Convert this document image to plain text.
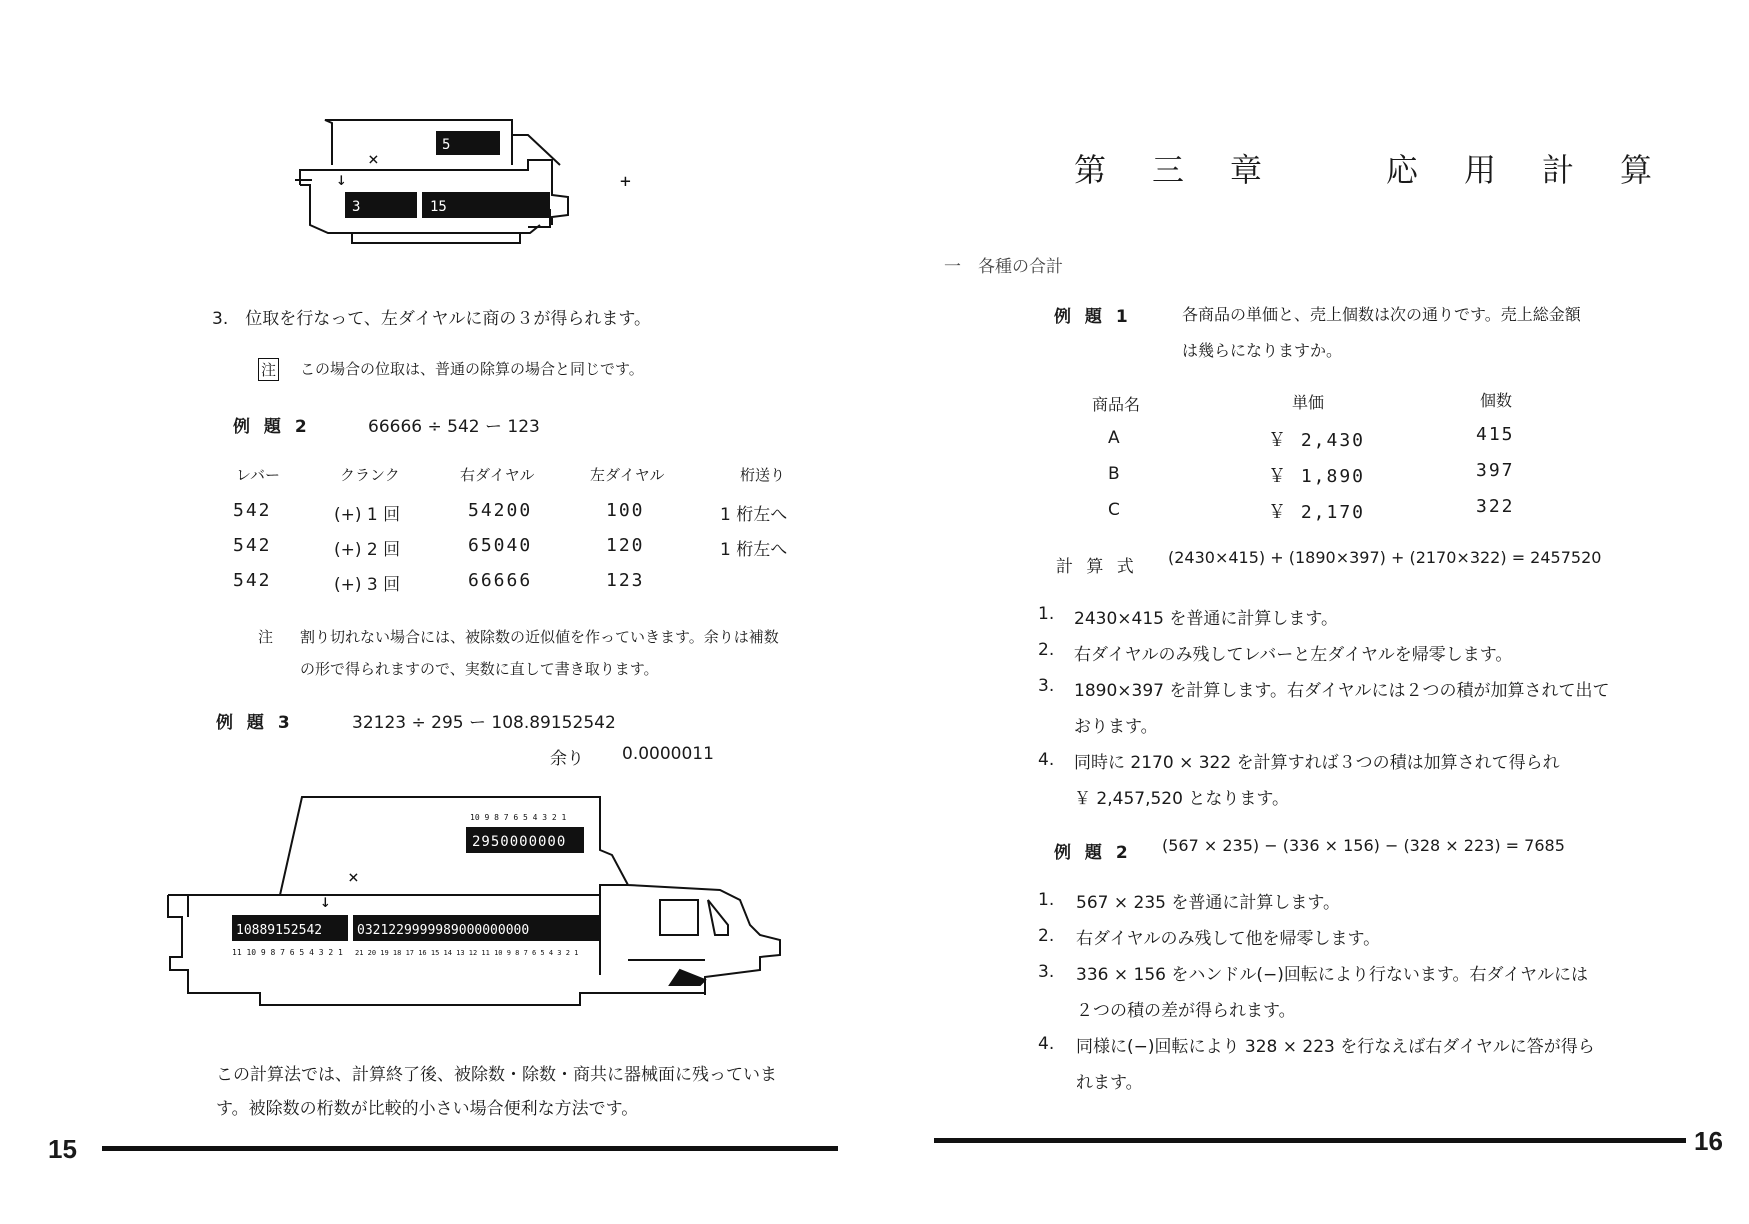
5
3	15
↓
×
+
3.　位取を行なって、左ダイヤルに商の３が得られます。
注 この場合の位取は、普通の除算の場合と同じです。
例 題 2	66666 ÷ 542 ー 123
レバー	クランク	右ダイヤル	左ダイヤル	桁送り
542	(+) 1 回	54200	100	1 桁左へ
542	(+) 2 回	65040	120	1 桁左へ
542	(+) 3 回	66666	123
注 割り切れない場合には、被除数の近似値を作っていきます。余りは補数
の形で得られますので、実数に直して書き取ります。
例 題 3	32123 ÷ 295 ー 108.89152542
余り 0.0000011
10 9 8 7 6 5 4 3 2 1
2950000000
10889152542	0321229999989000000000
11 10 9 8 7 6 5 4 3 2 1 21 20 19 18 17 16 15 14 13 12 11 10 9 8 7 6 5 4 3 2 1
↓
×
この計算法では、計算終了後、被除数・除数・商共に器械面に残っていま
す。被除数の桁数が比較的小さい場合便利な方法です。
15
第三章　応用計算
一　各種の合計
例 題 1	各商品の単価と、売上個数は次の通りです。売上総金額
は幾らになりますか。
商品名	単価	個数
A	￥ 2,430	415
B	￥ 1,890	397
C	￥ 2,170	322
計 算 式 (2430×415) + (1890×397) + (2170×322) = 2457520
1. 2430×415 を普通に計算します。
2. 右ダイヤルのみ残してレバーと左ダイヤルを帰零します。
3. 1890×397 を計算します。右ダイヤルには２つの積が加算されて出て
おります。
4. 同時に 2170 × 322 を計算すれば３つの積は加算されて得られ
￥ 2,457,520 となります。
例 題 2 (567 × 235) − (336 × 156) − (328 × 223) = 7685
1. 567 × 235 を普通に計算します。
2. 右ダイヤルのみ残して他を帰零します。
3. 336 × 156 をハンドル(−)回転により行ないます。右ダイヤルには
２つの積の差が得られます。
4. 同様に(−)回転により 328 × 223 を行なえば右ダイヤルに答が得ら
れます。
16
